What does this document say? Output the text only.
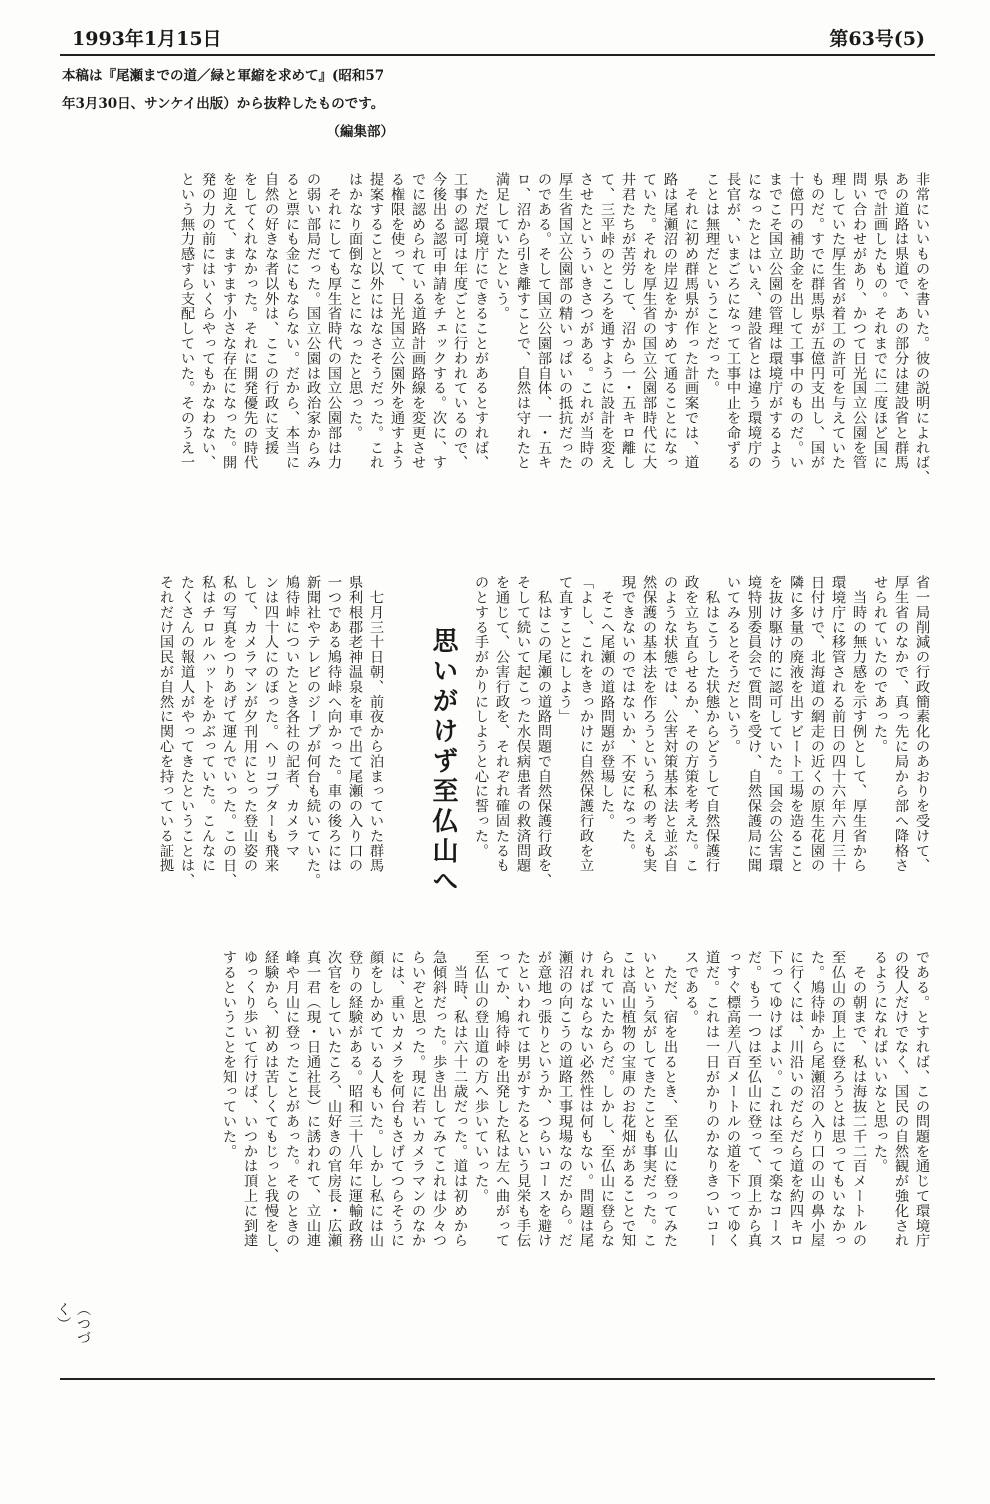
1993年1月15日	第63号(5)
本稿は『尾瀬までの道／緑と軍縮を求めて』(昭和57
年3月30日、サンケイ出版）から抜粋したものです。
（編集部）
非常にいいものを書いた。彼の説明によれば、
あの道路は県道で、あの部分は建設省と群馬
県で計画したもの。それまでに二度ほど国に
問い合わせがあり、かつて日光国立公園を管
理していた厚生省が着工の許可を与えていた
ものだ。すでに群馬県が五億円支出し、国が
十億円の補助金を出して工事中のものだ。い
までこそ国立公園の管理は環境庁がするよう
になったとはいえ、建設省とは違う環境庁の
長官が、いまごろになって工事中止を命ずる
ことは無理だということだった。
　それに初め群馬県が作った計画案では、道
路は尾瀬沼の岸辺をかすめて通ることになっ
ていた。それを厚生省の国立公園部時代に大
井君たちが苦労して、沼から一・五キロ離し
て、三平峠のところを通すように設計を変え
させたといういきさつがある。これが当時の
厚生省国立公園部の精いっぱいの抵抗だった
のである。そして国立公園部自体、一・五キ
ロ、沼から引き離すことで、自然は守れたと
満足していたという。
　ただ環境庁にできることがあるとすれば、
工事の認可は年度ごとに行われているので、
今後出る認可申請をチェックする。次に、す
でに認められている道路計画路線を変更させ
る権限を使って、日光国立公園外を通すよう
提案すること以外にはなさそうだった。これ
はかなり面倒なことになったと思った。
　それにしても厚生省時代の国立公園部は力
の弱い部局だった。国立公園は政治家からみ
ると票にも金にもならない。だから、本当に
自然の好きな者以外は、ここの行政に支援
をしてくれなかった。それに開発優先の時代
を迎えて、ますます小さな存在になった。開
発の力の前にはいくらやってもかなわない、
という無力感すら支配していた。そのうえ一
省一局削減の行政簡素化のあおりを受けて、
厚生省のなかで、真っ先に局から部へ降格さ
せられていたのであった。
　当時の無力感を示す例として、厚生省から
環境庁に移管される前日の四十六年六月三十
日付けで、北海道の網走の近くの原生花園の
隣に多量の廃液を出すビート工場を造ること
を抜け駆け的に認可していた。国会の公害環
境特別委員会で質問を受け、自然保護局に聞
いてみるとそうだという。
　私はこうした状態からどうして自然保護行
政を立ち直らせるか、その方策を考えた。こ
のような状態では、公害対策基本法と並ぶ自
然保護の基本法を作ろうという私の考えも実
現できないのではないか、不安になった。
　そこへ尾瀬の道路問題が登場した。
「よし、これをきっかけに自然保護行政を立
て直すことにしよう」
　私はこの尾瀬の道路問題で自然保護行政を、
そして続いて起こった水俣病患者の救済問題
を通じて、公害行政を、それぞれ確固たるも
のとする手がかりにしようと心に誓った。
　七月三十日朝、前夜から泊まっていた群馬
県利根郡老神温泉を車で出て尾瀬の入り口の
一つである鳩待峠へ向かった。車の後ろには
新聞社やテレビのジープが何台も続いていた。
鳩待峠についたとき各社の記者、カメラマ
ンは四十人にのぼった。ヘリコプターも飛来
して、カメラマンが夕刊用にとった登山姿の
私の写真をつりあげて運んでいった。この日、
私はチロルハットをかぶっていた。こんなに
たくさんの報道人がやってきたということは、
それだけ国民が自然に関心を持っている証拠	思いがけず至仏山へ
である。とすれば、この問題を通じて環境庁
の役人だけでなく、国民の自然観が強化され
るようになればいいなと思った。
　その朝まで、私は海抜二千二百メートルの
至仏山の頂上に登ろうとは思ってもいなかっ
た。鳩待峠から尾瀬沼の入り口の山の鼻小屋
に行くには、川沿いのだらだら道を約四キロ
下ってゆけばよい。これは至って楽なコース
だ。もう一つは至仏山に登って、頂上から真
っすぐ標高差八百メートルの道を下ってゆく
道だ。これは一日がかりのかなりきついコー
スである。
　ただ、宿を出るとき、至仏山に登ってみた
いという気がしてきたことも事実だった。こ
こは高山植物の宝庫のお花畑があることで知
られていたからだ。しかし、至仏山に登らな
ければならない必然性は何もない。問題は尾
瀬沼の向こうの道路工事現場なのだから。だ
が意地っ張りというか、つらいコースを避け
たといわれては男がすたるという見栄も手伝
ってか、鳩待峠を出発した私は左へ曲がって
至仏山の登山道の方へ歩いていった。
　当時、私は六十二歳だった。道は初めから
急傾斜だった。歩き出してみてこれは少々つ
らいぞと思った。現に若いカメラマンのなか
には、重いカメラを何台もさげてつらそうに
顔をしかめている人もいた。しかし私には山
登りの経験がある。昭和三十八年に運輸政務
次官をしていたころ、山好きの官房長・広瀬
真一君（現・日通社長）に誘われて、立山連
峰や月山に登ったことがあった。そのときの
経験から、初めは苦しくてもじっと我慢をし、
ゆっくり歩いて行けば、いつかは頂上に到達
するということを知っていた。
（つづく）
